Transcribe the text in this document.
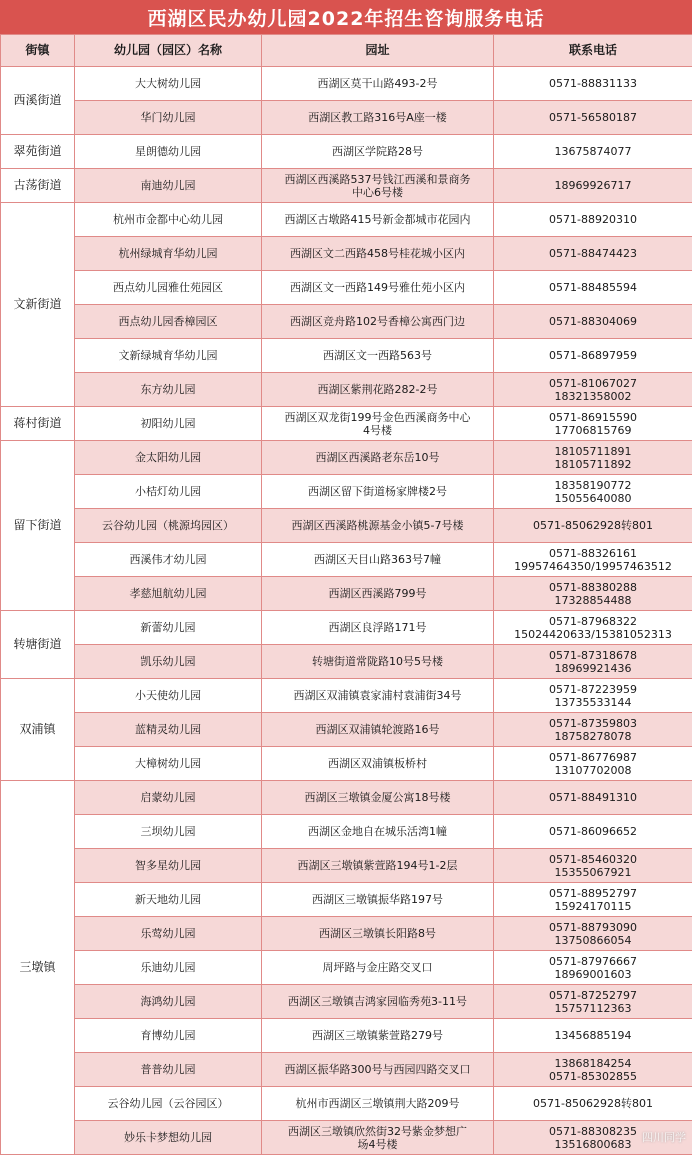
西湖区民办幼儿园2022年招生咨询服务电话
街镇	幼儿园（园区）名称	园址	联系电话
西溪街道	大大树幼儿园	西湖区莫干山路493-2号	0571-88831133

	华门幼儿园	西湖区教工路316号A座一楼	0571-56580187

翠苑街道	星朗德幼儿园	西湖区学院路28号	13675874077

古荡街道	南迪幼儿园	西湖区西溪路537号钱江西溪和景商务
中心6号楼	18969926717

文新街道	杭州市金都中心幼儿园	西湖区古墩路415号新金都城市花园内	0571-88920310

	杭州绿城育华幼儿园	西湖区文二西路458号桂花城小区内	0571-88474423

	西点幼儿园雅仕苑园区	西湖区文一西路149号雅仕苑小区内	0571-88485594

	西点幼儿园香樟园区	西湖区竞舟路102号香樟公寓西门边	0571-88304069

	文新绿城育华幼儿园	西湖区文一西路563号	0571-86897959

	东方幼儿园	西湖区紫荆花路282-2号	0571-81067027
18321358002

蒋村街道	初阳幼儿园	西湖区双龙街199号金色西溪商务中心
4号楼	0571-86915590
17706815769

留下街道	金太阳幼儿园	西湖区西溪路老东岳10号	18105711891
18105711892

	小桔灯幼儿园	西湖区留下街道杨家牌楼2号	18358190772
15055640080

	云谷幼儿园（桃源坞园区）	西湖区西溪路桃源基金小镇5-7号楼	0571-85062928转801

	西溪伟才幼儿园	西湖区天目山路363号7幢	0571-88326161
19957464350/19957463512

	孝慈旭航幼儿园	西湖区西溪路799号	0571-88380288
17328854488

转塘街道	新蕾幼儿园	西湖区良浮路171号	0571-87968322
15024420633/15381052313

	凯乐幼儿园	转塘街道常陇路10号5号楼	0571-87318678
18969921436

双浦镇	小天使幼儿园	西湖区双浦镇袁家浦村袁浦街34号	0571-87223959
13735533144

	蓝精灵幼儿园	西湖区双浦镇轮渡路16号	0571-87359803
18758278078

	大樟树幼儿园	西湖区双浦镇板桥村	0571-86776987
13107702008

三墩镇	启蒙幼儿园	西湖区三墩镇金厦公寓18号楼	0571-88491310

	三坝幼儿园	西湖区金地自在城乐活湾1幢	0571-86096652

	智多星幼儿园	西湖区三墩镇紫萱路194号1-2层	0571-85460320
15355067921

	新天地幼儿园	西湖区三墩镇振华路197号	0571-88952797
15924170115

	乐莺幼儿园	西湖区三墩镇长阳路8号	0571-88793090
13750866054

	乐迪幼儿园	周坪路与金庄路交叉口	0571-87976667
18969001603

	海鸿幼儿园	西湖区三墩镇吉鸿家园临秀苑3-11号	0571-87252797
15757112363

	育博幼儿园	西湖区三墩镇紫萱路279号	13456885194

	普普幼儿园	西湖区振华路300号与西园四路交叉口	13868184254
0571-85302855

	云谷幼儿园（云谷园区）	杭州市西湖区三墩镇荆大路209号	0571-85062928转801

	妙乐卡梦想幼儿园	西湖区三墩镇欣然街32号紫金梦想广
场4号楼	0571-88308235
13516800683 四川同学
